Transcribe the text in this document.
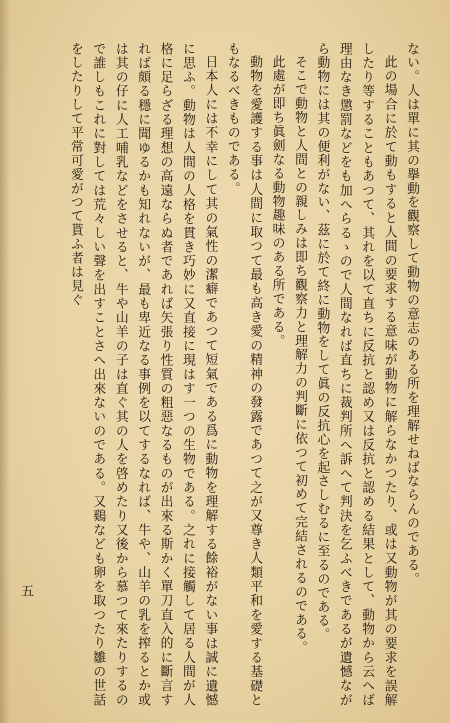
ない。人は單に其の擧動を觀察して動物の意志のある所を理解せねばならんのである。

此の場合に於て動もすると人間の要求する意味が動物に解らなかつたり、或は又動物が其の要求を誤解したり等することもあつて、其れを以て直ちに反抗と認め又は反抗と認める結果として、動物から云へば理由なき懲罰などをも加へらるゝので人間なれば直ちに裁判所へ訴へて判決を乞ふべきであるが遺憾ながら動物には其の便利がない、茲に於て終に動物をして眞の反抗心を起さしむるに至るのである。

そこで動物と人間との親しみは即ち觀察力と理解力の判斷に依つて初めて完結されるのである。

此處が即ち眞劍なる動物趣味のある所である。

動物を愛護する事は人間に取つて最も高き愛の精神の發露であつて之が又尊き人類平和を愛する基礎ともなるべきものである。

日本人には不幸にして其の氣性の潔癖であつて短氣である爲に動物を理解する餘裕がない事は誠に遺憾に思ふ。動物は人間の人格を貫き巧妙に又直接に現はす一つの生物である。之れに接觸して居る人間が人格に足らざる理想の高遠ならぬ者であれば矢張り性質の粗惡なるものが出來る斯かく單刀直入的に斷言すれば頗る穩に聞ゆるかも知れないが、最も卑近なる事例を以てするなれば、牛や、山羊の乳を搾るとか或は其の仔に人工哺乳などをさせると、牛や山羊の子は直ぐ其の人を啓めたり又後から慕つて來たりするので誰しもこれに對しては荒々しい聲を出すことさへ出來ないのである。又鷄なども卵を取つたり雛の世話をしたりして平常可愛がつて貰ふ者は見ぐ

五
